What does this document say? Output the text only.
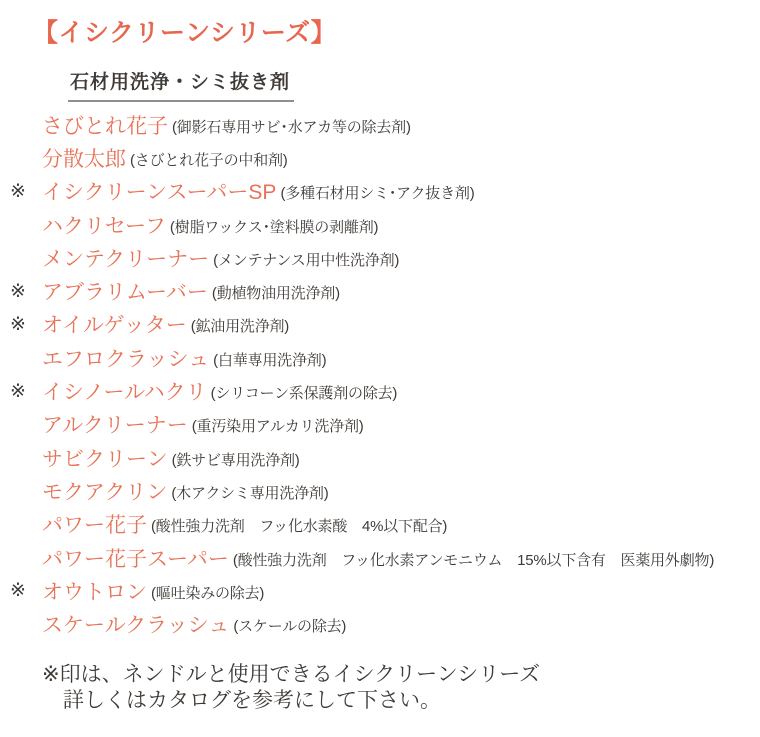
【イシクリーンシリーズ】
石材用洗浄・シミ抜き剤
さびとれ花子 (御影石専用サビ･水アカ等の除去剤)
分散太郎 (さびとれ花子の中和剤)
※ イシクリーンスーパーSP (多種石材用シミ･アク抜き剤)
ハクリセーフ (樹脂ワックス･塗料膜の剥離剤)
メンテクリーナー (メンテナンス用中性洗浄剤)
※ アブラリムーバー (動植物油用洗浄剤)
※ オイルゲッター (鉱油用洗浄剤)
エフロクラッシュ (白華専用洗浄剤)
※ イシノールハクリ (シリコーン系保護剤の除去)
アルクリーナー (重汚染用アルカリ洗浄剤)
サビクリーン (鉄サビ専用洗浄剤)
モクアクリン (木アクシミ専用洗浄剤)
パワー花子 (酸性強力洗剤　フッ化水素酸　4%以下配合)
パワー花子スーパー (酸性強力洗剤　フッ化水素アンモニウム　15%以下含有　医薬用外劇物)
※ オウトロン (嘔吐染みの除去)
スケールクラッシュ (スケールの除去)
※印は、ネンドルと使用できるイシクリーンシリーズ
詳しくはカタログを参考にして下さい。
